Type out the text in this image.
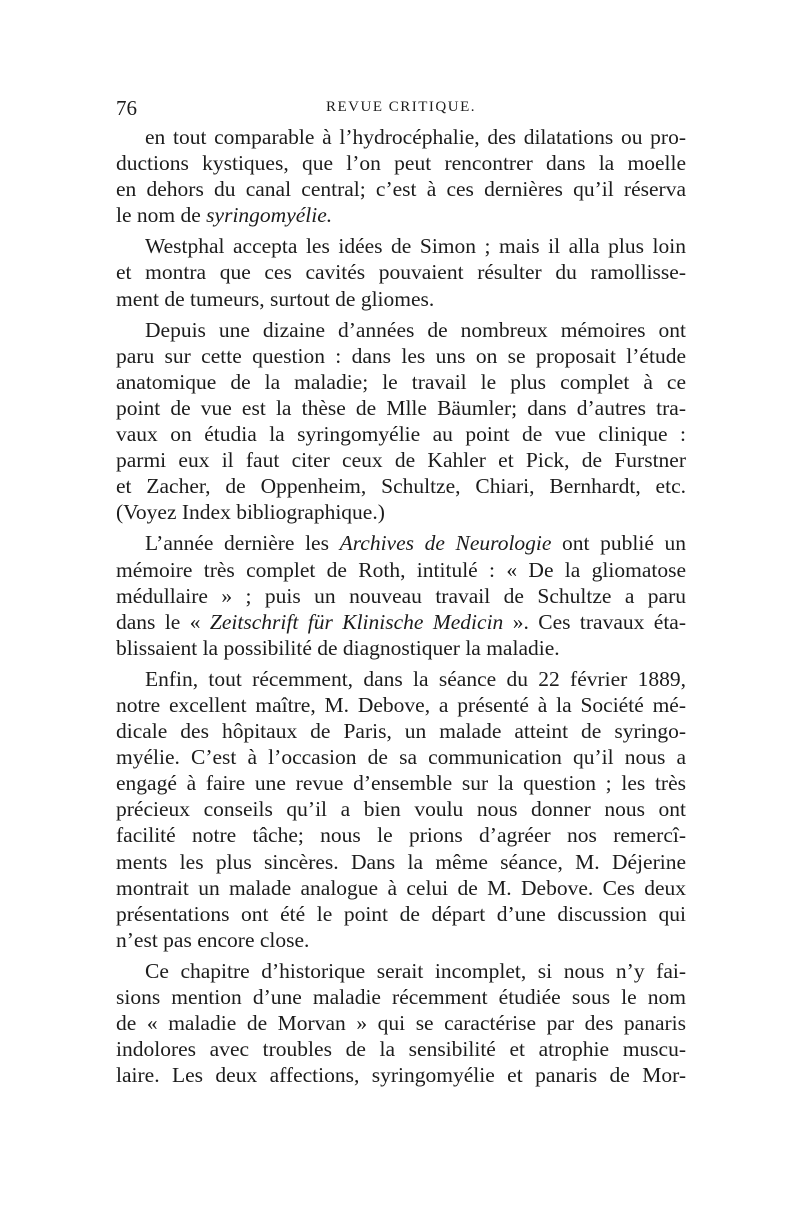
76	REVUE CRITIQUE.
en tout comparable à l’hydrocéphalie, des dilatations ou pro-
ductions kystiques, que l’on peut rencontrer dans la moelle
en dehors du canal central; c’est à ces dernières qu’il réserva
le nom de syringomyélie.
Westphal accepta les idées de Simon ; mais il alla plus loin
et montra que ces cavités pouvaient résulter du ramollisse-
ment de tumeurs, surtout de gliomes.
Depuis une dizaine d’années de nombreux mémoires ont
paru sur cette question : dans les uns on se proposait l’étude
anatomique de la maladie; le travail le plus complet à ce
point de vue est la thèse de Mlle Bäumler; dans d’autres tra-
vaux on étudia la syringomyélie au point de vue clinique :
parmi eux il faut citer ceux de Kahler et Pick, de Furstner
et Zacher, de Oppenheim, Schultze, Chiari, Bernhardt, etc.
(Voyez Index bibliographique.)
L’année dernière les Archives de Neurologie ont publié un
mémoire très complet de Roth, intitulé : « De la gliomatose
médullaire » ; puis un nouveau travail de Schultze a paru
dans le « Zeitschrift für Klinische Medicin ». Ces travaux éta-
blissaient la possibilité de diagnostiquer la maladie.
Enfin, tout récemment, dans la séance du 22 février 1889,
notre excellent maître, M. Debove, a présenté à la Société mé-
dicale des hôpitaux de Paris, un malade atteint de syringo-
myélie. C’est à l’occasion de sa communication qu’il nous a
engagé à faire une revue d’ensemble sur la question ; les très
précieux conseils qu’il a bien voulu nous donner nous ont
facilité notre tâche; nous le prions d’agréer nos remercî-
ments les plus sincères. Dans la même séance, M. Déjerine
montrait un malade analogue à celui de M. Debove. Ces deux
présentations ont été le point de départ d’une discussion qui
n’est pas encore close.
Ce chapitre d’historique serait incomplet, si nous n’y fai-
sions mention d’une maladie récemment étudiée sous le nom
de « maladie de Morvan » qui se caractérise par des panaris
indolores avec troubles de la sensibilité et atrophie muscu-
laire. Les deux affections, syringomyélie et panaris de Mor-
